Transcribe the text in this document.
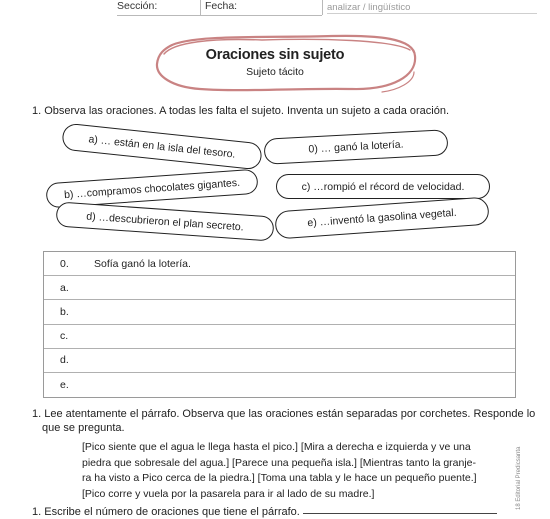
Sección:	Fecha:	analizar / lingüístico
Oraciones sin sujeto
Sujeto tácito
1. Observa las oraciones. A todas les falta el sujeto. Inventa un sujeto a cada oración.
a) … están en la isla del tesoro.	0) … ganó la lotería.
b) …compramos chocolates gigantes.	c) …rompió el récord de velocidad.
d) …descubrieron el plan secreto.	e) …inventó la gasolina vegetal.
0.	Sofía ganó la lotería.
a.
b.
c.
d.
e.
1. Lee atentamente el párrafo. Observa que las oraciones están separadas por corchetes. Responde lo
que se pregunta.
[Pico siente que el agua le llega hasta el pico.] [Mira a derecha e izquierda y ve una
piedra que sobresale del agua.] [Parece una pequeña isla.] [Mientras tanto la granje-
ra ha visto a Pico cerca de la piedra.] [Toma una tabla y le hace un pequeño puente.]
[Pico corre y vuela por la pasarela para ir al lado de su madre.]
1. Escribe el número de oraciones que tiene el párrafo.
18 Editorial Predicsanta
